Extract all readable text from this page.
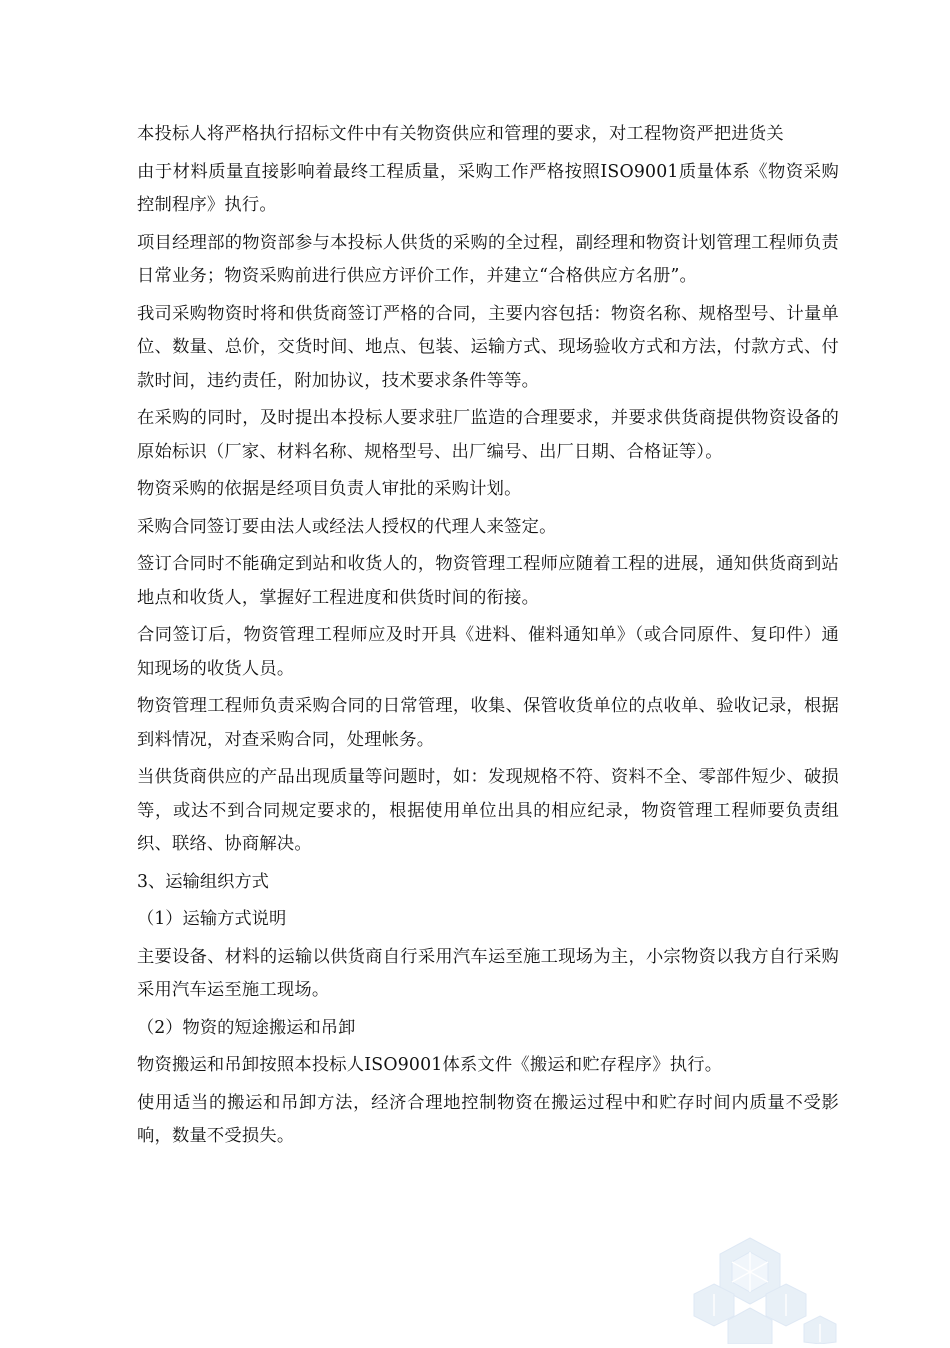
本投标人将严格执行招标文件中有关物资供应和管理的要求，对工程物资严把进货关

由于材料质量直接影响着最终工程质量，采购工作严格按照ISO9001质量体系《物资采购控制程序》执行。

项目经理部的物资部参与本投标人供货的采购的全过程，副经理和物资计划管理工程师负责日常业务；物资采购前进行供应方评价工作，并建立“合格供应方名册”。

我司采购物资时将和供货商签订严格的合同，主要内容包括：物资名称、规格型号、计量单位、数量、总价，交货时间、地点、包装、运输方式、现场验收方式和方法，付款方式、付款时间，违约责任，附加协议，技术要求条件等等。

在采购的同时，及时提出本投标人要求驻厂监造的合理要求，并要求供货商提供物资设备的原始标识（厂家、材料名称、规格型号、出厂编号、出厂日期、合格证等）。

物资采购的依据是经项目负责人审批的采购计划。

采购合同签订要由法人或经法人授权的代理人来签定。

签订合同时不能确定到站和收货人的，物资管理工程师应随着工程的进展，通知供货商到站地点和收货人，掌握好工程进度和供货时间的衔接。

合同签订后，物资管理工程师应及时开具《进料、催料通知单》（或合同原件、复印件）通知现场的收货人员。

物资管理工程师负责采购合同的日常管理，收集、保管收货单位的点收单、验收记录，根据到料情况，对查采购合同，处理帐务。

当供货商供应的产品出现质量等问题时，如：发现规格不符、资料不全、零部件短少、破损等，或达不到合同规定要求的，根据使用单位出具的相应纪录，物资管理工程师要负责组织、联络、协商解决。

3、运输组织方式

（1）运输方式说明

主要设备、材料的运输以供货商自行采用汽车运至施工现场为主，小宗物资以我方自行采购采用汽车运至施工现场。

（2）物资的短途搬运和吊卸

物资搬运和吊卸按照本投标人ISO9001体系文件《搬运和贮存程序》执行。

使用适当的搬运和吊卸方法，经济合理地控制物资在搬运过程中和贮存时间内质量不受影响，数量不受损失。
